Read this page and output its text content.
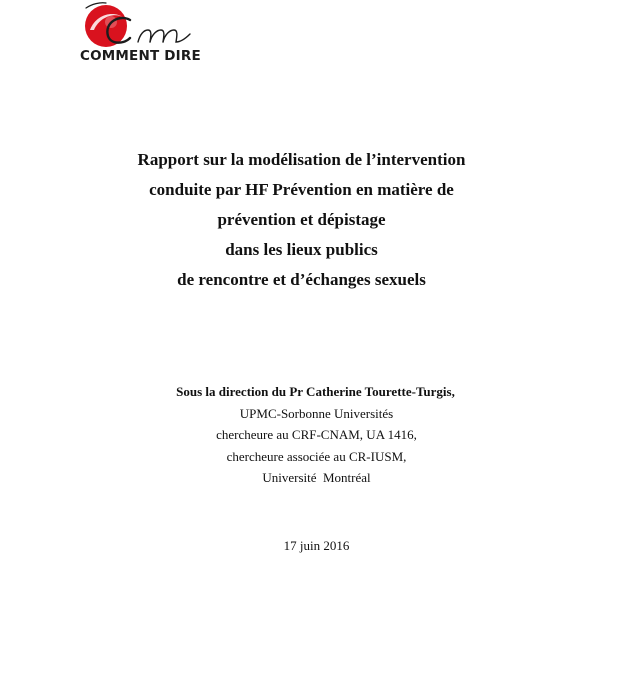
COMMENT DIRE
Rapport sur la modélisation de l’intervention
conduite par HF Prévention en matière de
prévention et dépistage
dans les lieux publics
de rencontre et d’échanges sexuels
Sous la direction du Pr Catherine Tourette-Turgis,
UPMC-Sorbonne Universités
chercheure au CRF-CNAM, UA 1416,
chercheure associée au CR-IUSM,
Université  Montréal
17 juin 2016
